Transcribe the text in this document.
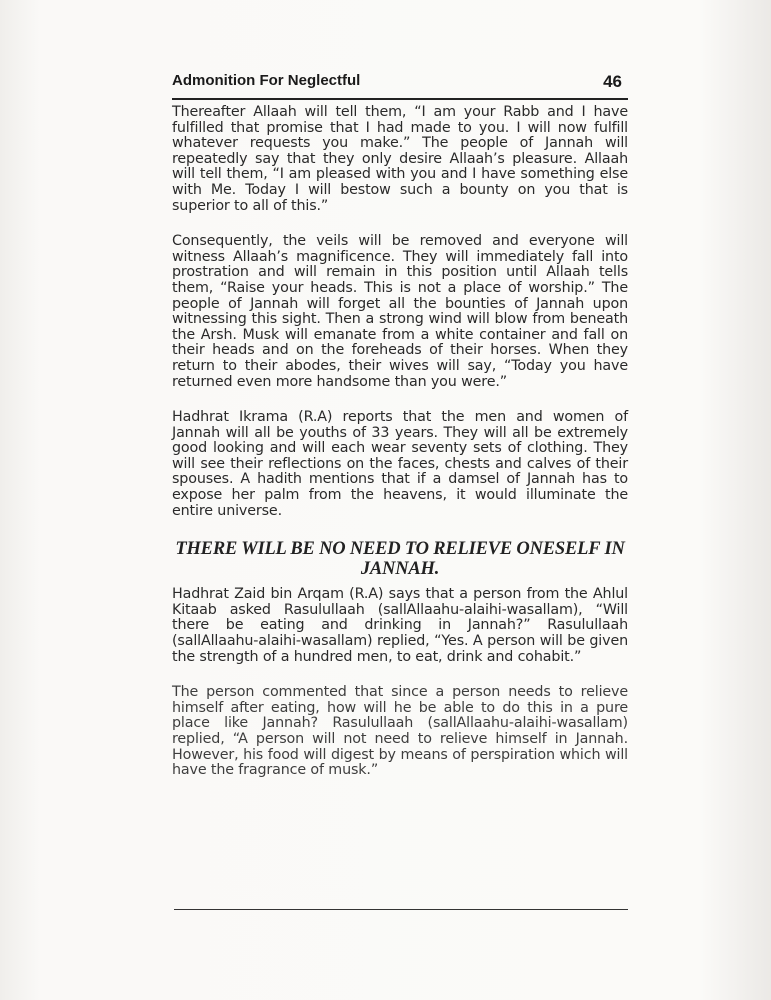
Admonition For Neglectful	46

Thereafter Allaah will tell them, “I am your Rabb and I have fulfilled that promise that I had made to you. I will now fulfill whatever requests you make.” The people of Jannah will repeatedly say that they only desire Allaah’s pleasure. Allaah will tell them, “I am pleased with you and I have something else with Me. Today I will bestow such a bounty on you that is superior to all of this.”

Consequently, the veils will be removed and everyone will witness Allaah’s magnificence. They will immediately fall into prostration and will remain in this position until Allaah tells them, “Raise your heads. This is not a place of worship.” The people of Jannah will forget all the bounties of Jannah upon witnessing this sight. Then a strong wind will blow from beneath the Arsh. Musk will emanate from a white container and fall on their heads and on the foreheads of their horses. When they return to their abodes, their wives will say, “Today you have returned even more handsome than you were.”

Hadhrat Ikrama (R.A) reports that the men and women of Jannah will all be youths of 33 years. They will all be extremely good looking and will each wear seventy sets of clothing. They will see their reflections on the faces, chests and calves of their spouses. A hadith mentions that if a damsel of Jannah has to expose her palm from the heavens, it would illuminate the entire universe.

THERE WILL BE NO NEED TO RELIEVE ONESELF IN JANNAH.

Hadhrat Zaid bin Arqam (R.A) says that a person from the Ahlul Kitaab asked Rasulullaah (sallAllaahu-alaihi-wasallam), “Will there be eating and drinking in Jannah?” Rasulullaah (sallAllaahu-alaihi-wasallam) replied, “Yes. A person will be given the strength of a hundred men, to eat, drink and cohabit.”

The person commented that since a person needs to relieve himself after eating, how will he be able to do this in a pure place like Jannah? Rasulullaah (sallAllaahu-alaihi-wasallam) replied, “A person will not need to relieve himself in Jannah. However, his food will digest by means of perspiration which will have the fragrance of musk.”
